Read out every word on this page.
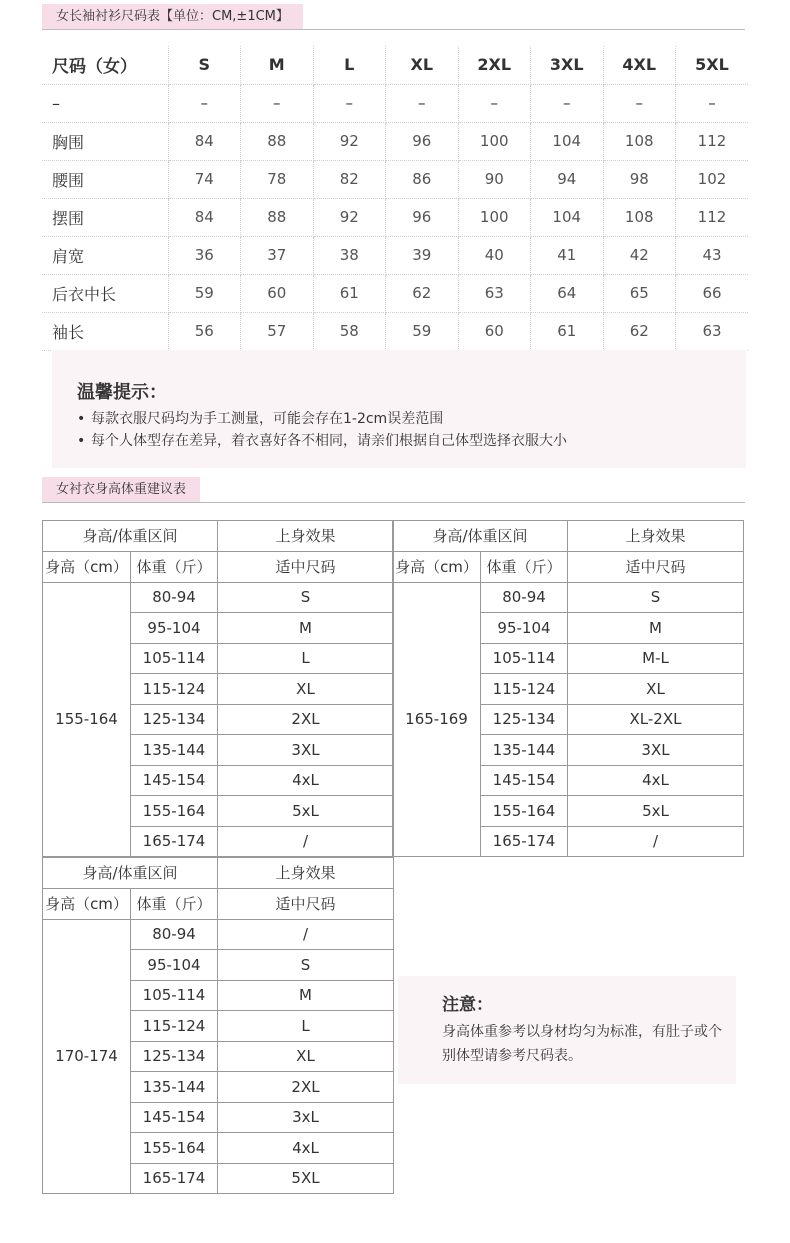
女长袖衬衫尺码表【单位：CM,±1CM】
尺码（女）	S	M	L	XL	2XL	3XL	4XL	5XL
–	–	–	–	–	–	–	–	–
胸围	84	88	92	96	100	104	108	112
腰围	74	78	82	86	90	94	98	102
摆围	84	88	92	96	100	104	108	112
肩宽	36	37	38	39	40	41	42	43
后衣中长	59	60	61	62	63	64	65	66
袖长	56	57	58	59	60	61	62	63
温馨提示：
• 每款衣服尺码均为手工测量，可能会存在1-2cm误差范围
• 每个人体型存在差异，着衣喜好各不相同，请亲们根据自己体型选择衣服大小
女衬衣身高体重建议表
身高/体重区间		上身效果
身高（cm）	体重（斤）	适中尺码
155-164	80-94	S
	95-104	M
	105-114	L
	115-124	XL
	125-134	2XL
	135-144	3XL
	145-154	4xL
	155-164	5xL
	165-174	/
身高/体重区间		上身效果
身高（cm）	体重（斤）	适中尺码
165-169	80-94	S
	95-104	M
	105-114	M-L
	115-124	XL
	125-134	XL-2XL
	135-144	3XL
	145-154	4xL
	155-164	5xL
	165-174	/
身高/体重区间		上身效果
身高（cm）	体重（斤）	适中尺码
170-174	80-94	/
	95-104	S
	105-114	M
	115-124	L
	125-134	XL
	135-144	2XL
	145-154	3xL
	155-164	4xL
	165-174	5XL
注意：
身高体重参考以身材均匀为标准，有肚子或个别体型请参考尺码表。
